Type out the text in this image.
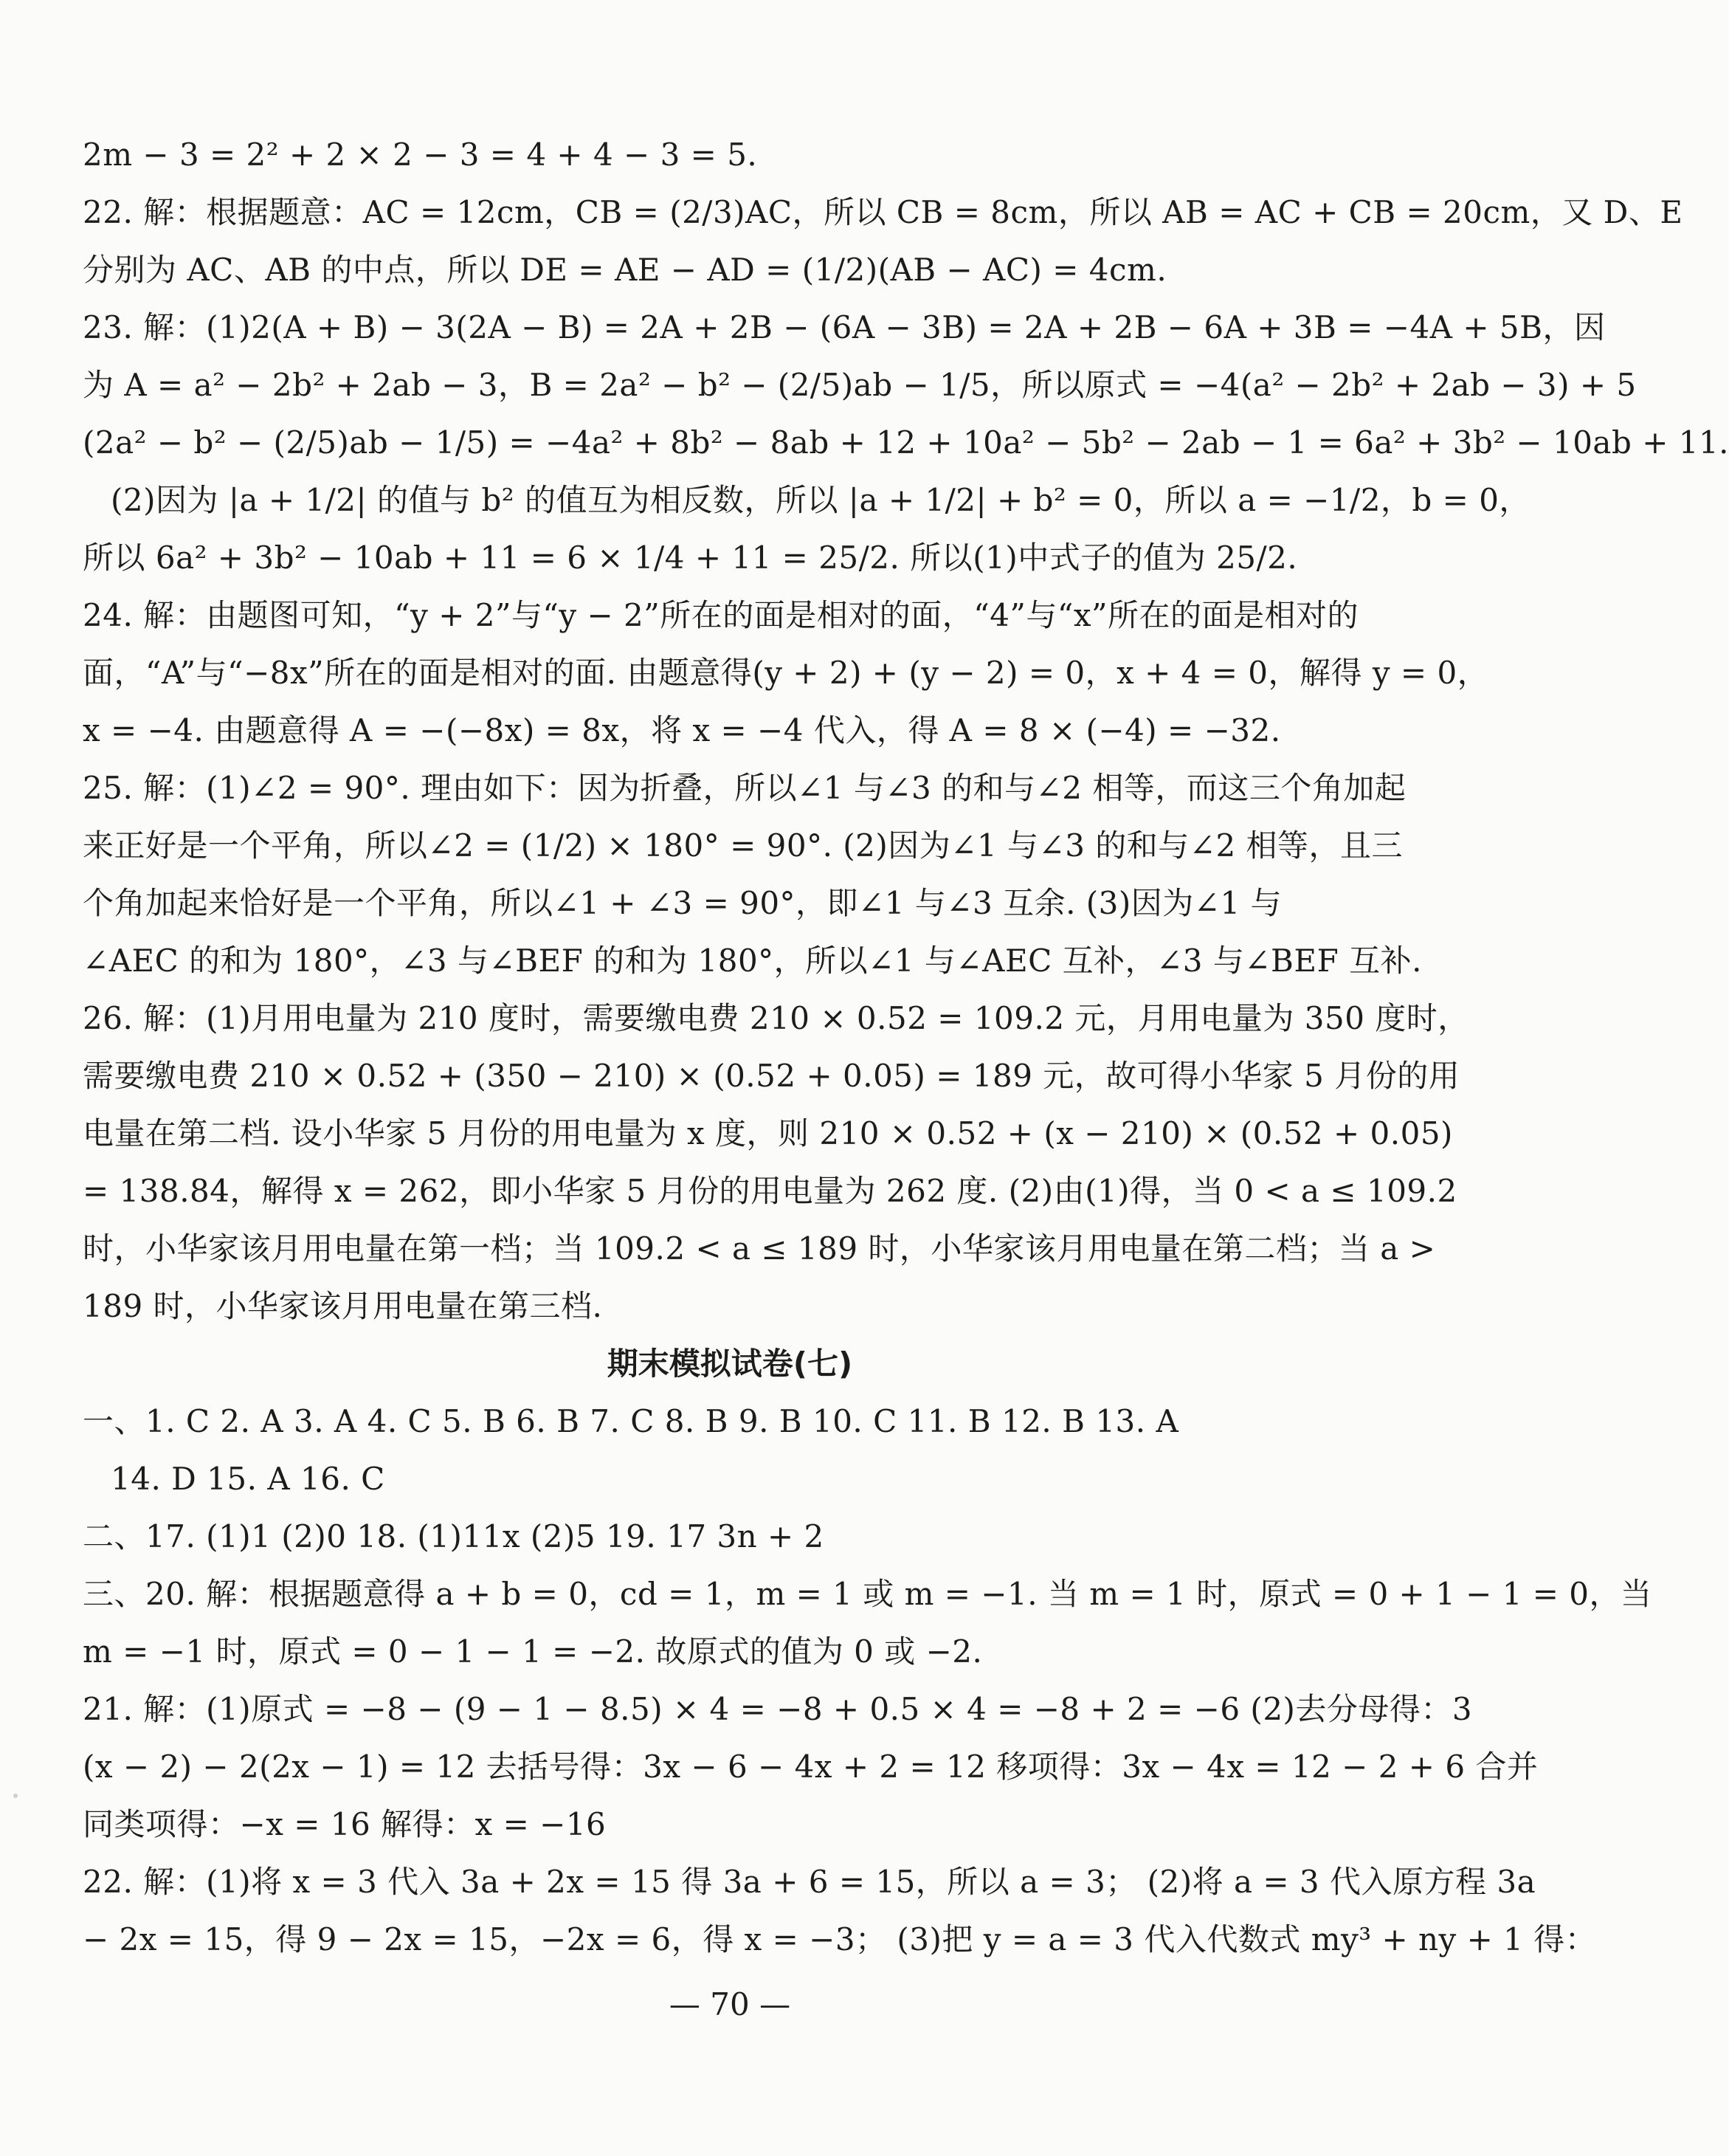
2m − 3 = 2² + 2 × 2 − 3 = 4 + 4 − 3 = 5.
22. 解：根据题意：AC = 12cm，CB = (2/3)AC，所以 CB = 8cm，所以 AB = AC + CB = 20cm，又 D、E
分别为 AC、AB 的中点，所以 DE = AE − AD = (1/2)(AB − AC) = 4cm.
23. 解：(1)2(A + B) − 3(2A − B) = 2A + 2B − (6A − 3B) = 2A + 2B − 6A + 3B = −4A + 5B，因
为 A = a² − 2b² + 2ab − 3，B = 2a² − b² − (2/5)ab − 1/5，所以原式 = −4(a² − 2b² + 2ab − 3) + 5
(2a² − b² − (2/5)ab − 1/5) = −4a² + 8b² − 8ab + 12 + 10a² − 5b² − 2ab − 1 = 6a² + 3b² − 10ab + 11.
(2)因为 |a + 1/2| 的值与 b² 的值互为相反数，所以 |a + 1/2| + b² = 0，所以 a = −1/2，b = 0，
所以 6a² + 3b² − 10ab + 11 = 6 × 1/4 + 11 = 25/2. 所以(1)中式子的值为 25/2.
24. 解：由题图可知，“y + 2”与“y − 2”所在的面是相对的面，“4”与“x”所在的面是相对的
面，“A”与“−8x”所在的面是相对的面. 由题意得(y + 2) + (y − 2) = 0，x + 4 = 0，解得 y = 0，
x = −4. 由题意得 A = −(−8x) = 8x，将 x = −4 代入，得 A = 8 × (−4) = −32.
25. 解：(1)∠2 = 90°. 理由如下：因为折叠，所以∠1 与∠3 的和与∠2 相等，而这三个角加起
来正好是一个平角，所以∠2 = (1/2) × 180° = 90°. (2)因为∠1 与∠3 的和与∠2 相等，且三
个角加起来恰好是一个平角，所以∠1 + ∠3 = 90°，即∠1 与∠3 互余. (3)因为∠1 与
∠AEC 的和为 180°，∠3 与∠BEF 的和为 180°，所以∠1 与∠AEC 互补，∠3 与∠BEF 互补.
26. 解：(1)月用电量为 210 度时，需要缴电费 210 × 0.52 = 109.2 元，月用电量为 350 度时，
需要缴电费 210 × 0.52 + (350 − 210) × (0.52 + 0.05) = 189 元，故可得小华家 5 月份的用
电量在第二档. 设小华家 5 月份的用电量为 x 度，则 210 × 0.52 + (x − 210) × (0.52 + 0.05)
= 138.84，解得 x = 262，即小华家 5 月份的用电量为 262 度. (2)由(1)得，当 0 < a ≤ 109.2
时，小华家该月用电量在第一档；当 109.2 < a ≤ 189 时，小华家该月用电量在第二档；当 a >
189 时，小华家该月用电量在第三档.
期末模拟试卷(七)
一、1. C 2. A 3. A 4. C 5. B 6. B 7. C 8. B 9. B 10. C 11. B 12. B 13. A
14. D 15. A 16. C
二、17. (1)1 (2)0 18. (1)11x (2)5 19. 17 3n + 2
三、20. 解：根据题意得 a + b = 0，cd = 1，m = 1 或 m = −1. 当 m = 1 时，原式 = 0 + 1 − 1 = 0，当
m = −1 时，原式 = 0 − 1 − 1 = −2. 故原式的值为 0 或 −2.
21. 解：(1)原式 = −8 − (9 − 1 − 8.5) × 4 = −8 + 0.5 × 4 = −8 + 2 = −6 (2)去分母得：3
(x − 2) − 2(2x − 1) = 12 去括号得：3x − 6 − 4x + 2 = 12 移项得：3x − 4x = 12 − 2 + 6 合并
同类项得：−x = 16 解得：x = −16
22. 解：(1)将 x = 3 代入 3a + 2x = 15 得 3a + 6 = 15，所以 a = 3； (2)将 a = 3 代入原方程 3a
− 2x = 15，得 9 − 2x = 15，−2x = 6，得 x = −3； (3)把 y = a = 3 代入代数式 my³ + ny + 1 得：
— 70 —
